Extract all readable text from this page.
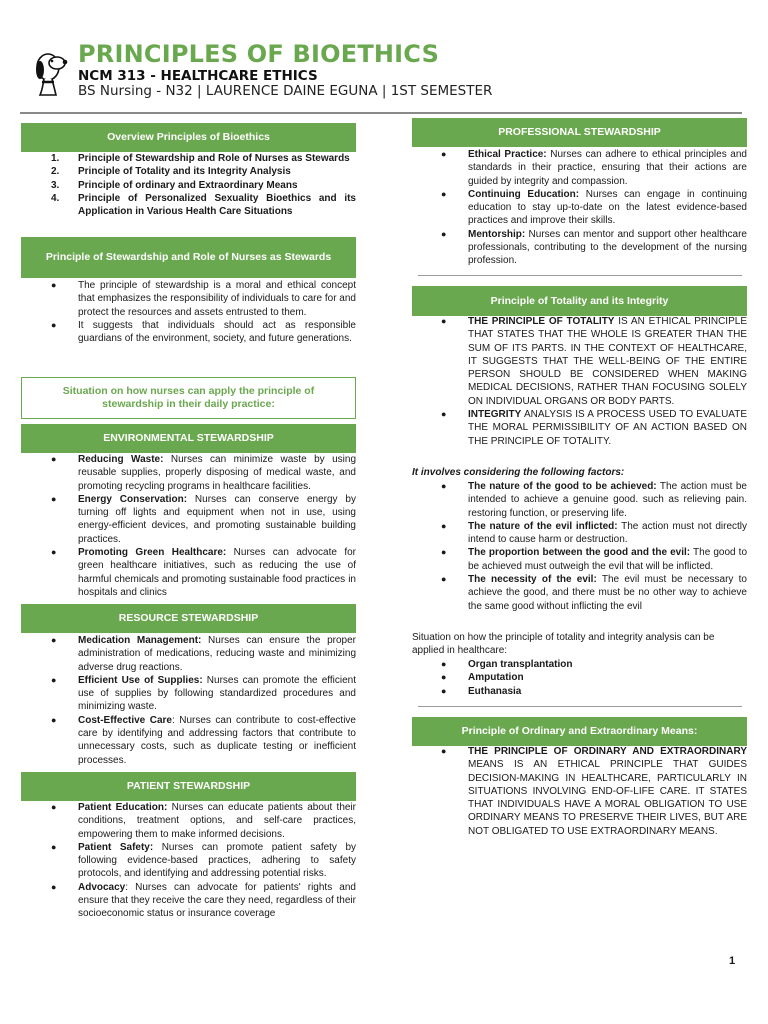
PRINCIPLES OF BIOETHICS
NCM 313 - HEALTHCARE ETHICS
BS Nursing - N32 | LAURENCE DAINE EGUNA | 1ST SEMESTER
Overview Principles of Bioethics
1. Principle of Stewardship and Role of Nurses as Stewards
2. Principle of Totality and its Integrity Analysis
3. Principle of ordinary and Extraordinary Means
4. Principle of Personalized Sexuality Bioethics and its Application in Various Health Care Situations
Principle of Stewardship and Role of Nurses as Stewards
● The principle of stewardship is a moral and ethical concept that emphasizes the responsibility of individuals to care for and protect the resources and assets entrusted to them.
● It suggests that individuals should act as responsible guardians of the environment, society, and future generations.
Situation on how nurses can apply the principle of stewardship in their daily practice:
ENVIRONMENTAL STEWARDSHIP
● Reducing Waste: Nurses can minimize waste by using reusable supplies, properly disposing of medical waste, and promoting recycling programs in healthcare facilities.
● Energy Conservation: Nurses can conserve energy by turning off lights and equipment when not in use, using energy-efficient devices, and promoting sustainable building practices.
● Promoting Green Healthcare: Nurses can advocate for green healthcare initiatives, such as reducing the use of harmful chemicals and promoting sustainable food practices in hospitals and clinics
RESOURCE STEWARDSHIP
● Medication Management: Nurses can ensure the proper administration of medications, reducing waste and minimizing adverse drug reactions.
● Efficient Use of Supplies: Nurses can promote the efficient use of supplies by following standardized procedures and minimizing waste.
● Cost-Effective Care: Nurses can contribute to cost-effective care by identifying and addressing factors that contribute to unnecessary costs, such as duplicate testing or inefficient processes.
PATIENT STEWARDSHIP
● Patient Education: Nurses can educate patients about their conditions, treatment options, and self-care practices, empowering them to make informed decisions.
● Patient Safety: Nurses can promote patient safety by following evidence-based practices, adhering to safety protocols, and identifying and addressing potential risks.
● Advocacy: Nurses can advocate for patients' rights and ensure that they receive the care they need, regardless of their socioeconomic status or insurance coverage
PROFESSIONAL STEWARDSHIP
● Ethical Practice: Nurses can adhere to ethical principles and standards in their practice, ensuring that their actions are guided by integrity and compassion.
● Continuing Education: Nurses can engage in continuing education to stay up-to-date on the latest evidence-based practices and improve their skills.
● Mentorship: Nurses can mentor and support other healthcare professionals, contributing to the development of the nursing profession.
Principle of Totality and its Integrity
● THE PRINCIPLE OF TOTALITY IS AN ETHICAL PRINCIPLE THAT STATES THAT THE WHOLE IS GREATER THAN THE SUM OF ITS PARTS. IN THE CONTEXT OF HEALTHCARE, IT SUGGESTS THAT THE WELL-BEING OF THE ENTIRE PERSON SHOULD BE CONSIDERED WHEN MAKING MEDICAL DECISIONS, RATHER THAN FOCUSING SOLELY ON INDIVIDUAL ORGANS OR BODY PARTS.
● INTEGRITY ANALYSIS IS A PROCESS USED TO EVALUATE THE MORAL PERMISSIBILITY OF AN ACTION BASED ON THE PRINCIPLE OF TOTALITY.
It involves considering the following factors:
● The nature of the good to be achieved: The action must be intended to achieve a genuine good. such as relieving pain. restoring function, or preserving life.
● The nature of the evil inflicted: The action must not directly intend to cause harm or destruction.
● The proportion between the good and the evil: The good to be achieved must outweigh the evil that will be inflicted.
● The necessity of the evil: The evil must be necessary to achieve the good, and there must be no other way to achieve the same good without inflicting the evil
Situation on how the principle of totality and integrity analysis can be applied in healthcare:
● Organ transplantation
● Amputation
● Euthanasia
Principle of Ordinary and Extraordinary Means:
● THE PRINCIPLE OF ORDINARY AND EXTRAORDINARY MEANS IS AN ETHICAL PRINCIPLE THAT GUIDES DECISION-MAKING IN HEALTHCARE, PARTICULARLY IN SITUATIONS INVOLVING END-OF-LIFE CARE. IT STATES THAT INDIVIDUALS HAVE A MORAL OBLIGATION TO USE ORDINARY MEANS TO PRESERVE THEIR LIVES, BUT ARE NOT OBLIGATED TO USE EXTRAORDINARY MEANS.
1
